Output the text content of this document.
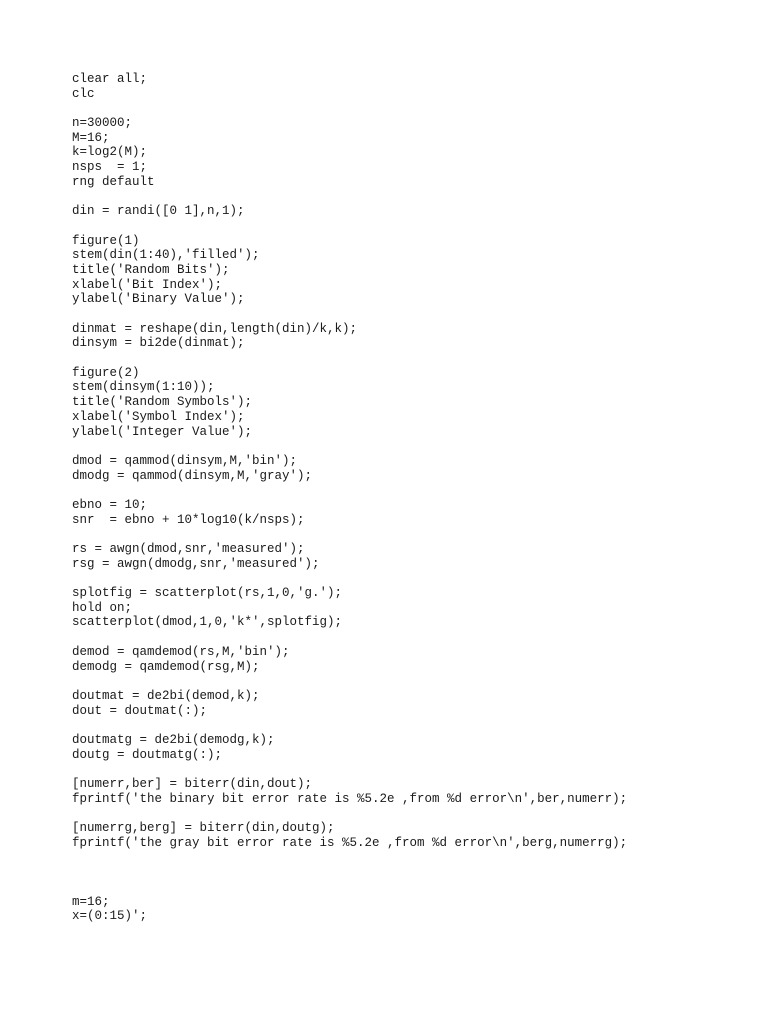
clear all;
clc
n=30000;
M=16;
k=log2(M);
nsps  = 1;
rng default
din = randi([0 1],n,1);
figure(1)
stem(din(1:40),'filled');
title('Random Bits');
xlabel('Bit Index');
ylabel('Binary Value');
dinmat = reshape(din,length(din)/k,k);
dinsym = bi2de(dinmat);
figure(2)
stem(dinsym(1:10));
title('Random Symbols');
xlabel('Symbol Index');
ylabel('Integer Value');
dmod = qammod(dinsym,M,'bin');
dmodg = qammod(dinsym,M,'gray');
ebno = 10;
snr  = ebno + 10*log10(k/nsps);
rs = awgn(dmod,snr,'measured');
rsg = awgn(dmodg,snr,'measured');
splotfig = scatterplot(rs,1,0,'g.');
hold on;
scatterplot(dmod,1,0,'k*',splotfig);
demod = qamdemod(rs,M,'bin');
demodg = qamdemod(rsg,M);
doutmat = de2bi(demod,k);
dout = doutmat(:);
doutmatg = de2bi(demodg,k);
doutg = doutmatg(:);
[numerr,ber] = biterr(din,dout);
fprintf('the binary bit error rate is %5.2e ,from %d error\n',ber,numerr);
[numerrg,berg] = biterr(din,doutg);
fprintf('the gray bit error rate is %5.2e ,from %d error\n',berg,numerrg);
m=16;
x=(0:15)';
